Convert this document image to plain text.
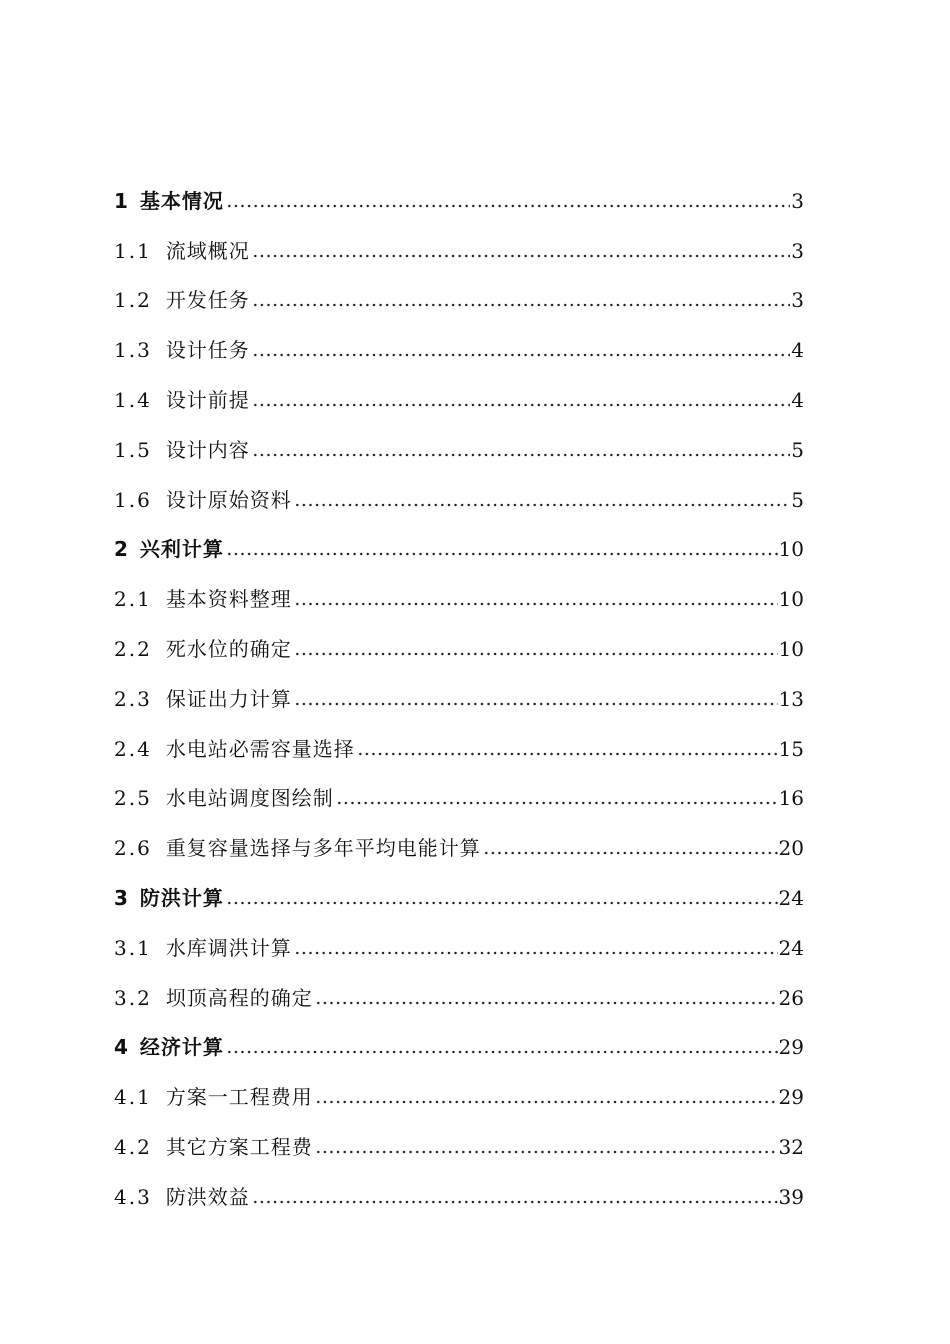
1 基本情况	3
1.1 流域概况	3
1.2 开发任务	3
1.3 设计任务	4
1.4 设计前提	4
1.5 设计内容	5
1.6 设计原始资料	5
2 兴利计算	10
2.1 基本资料整理	10
2.2 死水位的确定	10
2.3 保证出力计算	13
2.4 水电站必需容量选择	15
2.5 水电站调度图绘制	16
2.6 重复容量选择与多年平均电能计算	20
3 防洪计算	24
3.1 水库调洪计算	24
3.2 坝顶高程的确定	26
4 经济计算	29
4.1 方案一工程费用	29
4.2 其它方案工程费	32
4.3 防洪效益	39
